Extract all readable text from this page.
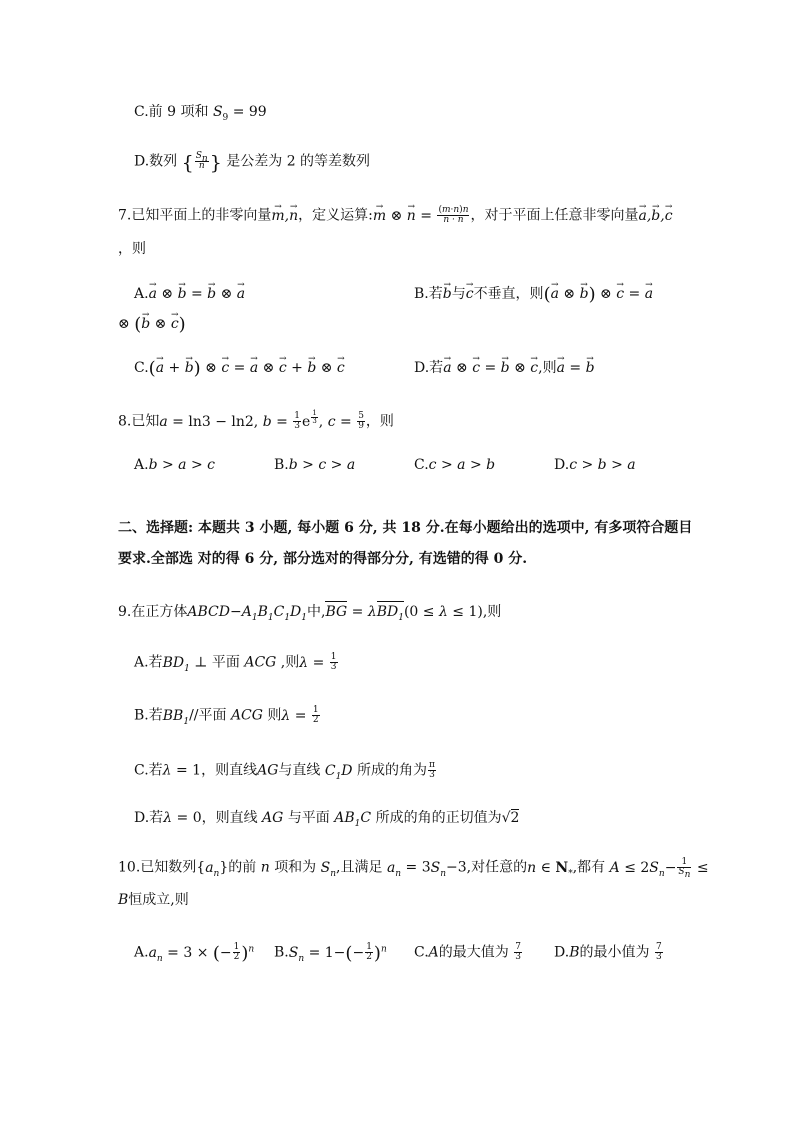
C.前 9 项和 $S_9 = 99$
D.数列 { $\frac{S_n}{n}$ } 是公差为 2 的等差数列
7.已知平面上的非零向量→ m,→ n，定义运算:→ m ⊗ → $n = \frac{(m\cdot n)n}{n \cdot n}$ ，对于平面上任意非零向量→ a,→ b,→ c
，则
A.→ a ⊗ → b = → b ⊗ → a	B.若→ b与→ c不垂直，则(→ a ⊗ → b) ⊗ → c = → a
⊗ (→ b ⊗ → c)
C.(→ a + → b) ⊗ → c = → a ⊗ → c + → b ⊗ → c	D.若→ a ⊗ → c = → b ⊗ → c,则→ a = → b
8.已知a = ln3 − ln2, $b = \frac{1}{3}$ e $^{\frac{1}{3}}$ , $c = \frac{5}{9}$ ，则
A.b > a > c	B.b > c > a	C.c > a > b	D.c > b > a
二、选择题: 本题共 3 小题, 每小题 6 分, 共 18 分.在每小题给出的选项中, 有多项符合题目
要求.全部选 对的得 6 分, 部分选对的得部分分, 有选错的得 0 分.
9.在正方体$ABCD-A_1B_1C_1D_1$中,BG = λBD$_1$(0 ≤ λ ≤ 1),则
A.若$BD_1$ ⊥ 平面 ACG ,则$\lambda = \frac{1}{3}$
B.若$BB_1//$平面 ACG 则$\lambda = \frac{1}{2}$
C.若λ = 1，则直线AG与直线 $C_1D$ 所成的角为 $\frac{\pi}{3}$
D.若λ = 0，则直线 AG 与平面 $AB_1C$ 所成的角的正切值为√2
10.已知数列$\{a_n\}$的前 n 项和为 $S_n$,且满足 $a_n = 3S_n-3$,对任意的n ∈ $N_*$,都有 $A \le 2S_n- \frac{1}{S_n}$ ≤
B恒成立,则
$A.a_n = 3$ × (− $\frac{1}{2} )^n$ $B.S_n = 1-(- \frac{1}{2} )^n$ C.A的最大值为 $\frac{7}{3} D.B$的最小值为 $\frac{7}{3}$
